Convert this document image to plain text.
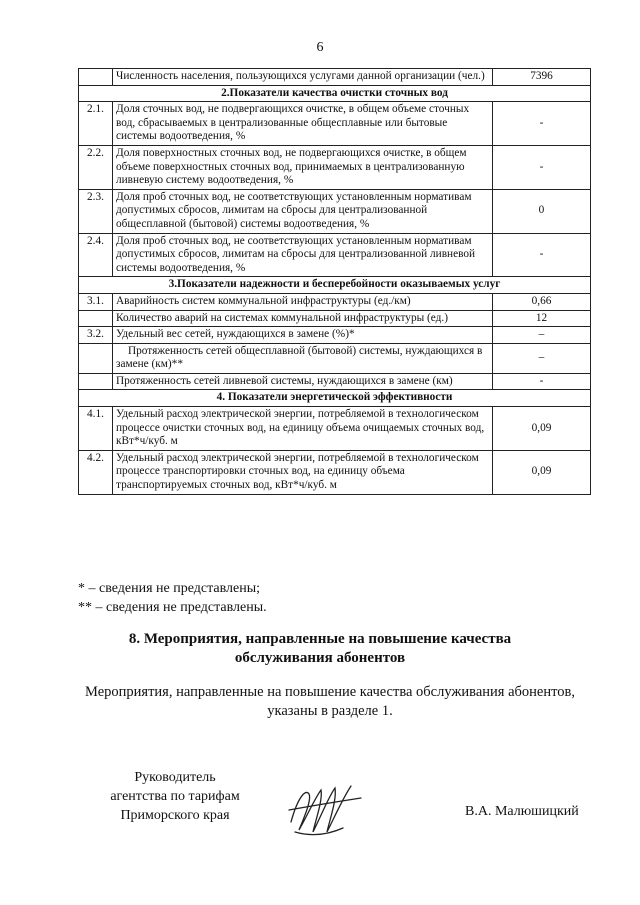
6
	Численность населения, пользующихся услугами данной организации (чел.)	7396
2.Показатели качества очистки сточных вод		
2.1.	Доля сточных вод, не подвергающихся очистке, в общем объеме сточных вод, сбрасываемых в централизованные общесплавные или бытовые системы водоотведения, %	-
2.2.	Доля поверхностных сточных вод, не подвергающихся очистке, в общем объеме поверхностных сточных вод, принимаемых в централизованную ливневую систему водоотведения, %	-
2.3.	Доля проб сточных вод, не соответствующих установленным нормативам допустимых сбросов, лимитам на сбросы для централизованной общесплавной (бытовой) системы водоотведения, %	0
2.4.	Доля проб сточных вод, не соответствующих установленным нормативам допустимых сбросов, лимитам на сбросы для централизованной ливневой системы водоотведения, %	-
3.Показатели надежности и бесперебойности оказываемых услуг		
3.1.	Аварийность систем коммунальной инфраструктуры (ед./км)	0,66
	Количество аварий на системах коммунальной инфраструктуры (ед.)	12
3.2.	Удельный вес сетей, нуждающихся в замене (%)*	–
	Протяженность сетей общесплавной (бытовой) системы, нуждающихся в замене (км)**	–
	Протяженность сетей ливневой системы, нуждающихся в замене (км)	-
4. Показатели энергетической эффективности		
4.1.	Удельный расход электрической энергии, потребляемой в технологическом процессе очистки сточных вод, на единицу объема очищаемых сточных вод, кВт*ч/куб. м	0,09
4.2.	Удельный расход электрической энергии, потребляемой в технологическом процессе транспортировки сточных вод, на единицу объема транспортируемых сточных вод, кВт*ч/куб. м	0,09
* – сведения не представлены;
** – сведения не представлены.
8. Мероприятия, направленные на повышение качества
обслуживания абонентов
Мероприятия, направленные на повышение качества обслуживания абонентов, указаны в разделе 1.
Руководитель
агентства по тарифам
Приморского края	В.А. Малюшицкий
